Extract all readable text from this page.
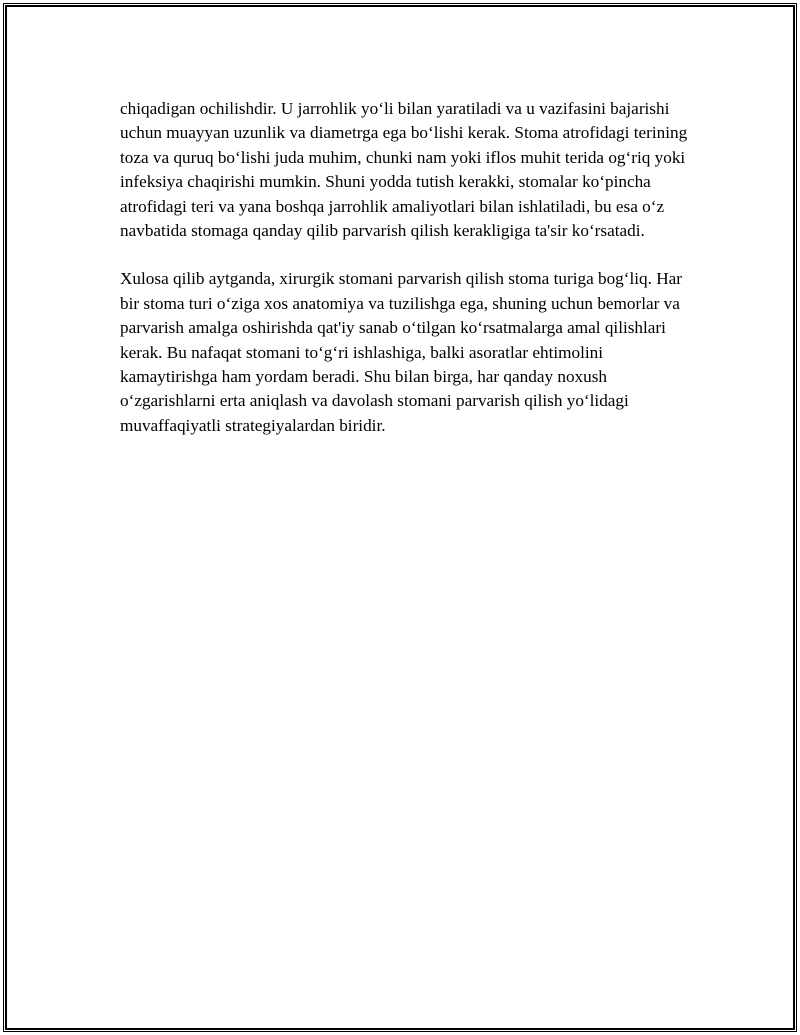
chiqadigan ochilishdir. U jarrohlik yo‘li bilan yaratiladi va u vazifasini bajarishi uchun muayyan uzunlik va diametrga ega bo‘lishi kerak. Stoma atrofidagi terining toza va quruq bo‘lishi juda muhim, chunki nam yoki iflos muhit terida og‘riq yoki infeksiya chaqirishi mumkin. Shuni yodda tutish kerakki, stomalar ko‘pincha atrofidagi teri va yana boshqa jarrohlik amaliyotlari bilan ishlatiladi, bu esa o‘z navbatida stomaga qanday qilib parvarish qilish kerakligiga ta'sir ko‘rsatadi.

Xulosa qilib aytganda, xirurgik stomani parvarish qilish stoma turiga bog‘liq. Har bir stoma turi o‘ziga xos anatomiya va tuzilishga ega, shuning uchun bemorlar va parvarish amalga oshirishda qat'iy sanab o‘tilgan ko‘rsatmalarga amal qilishlari kerak. Bu nafaqat stomani to‘g‘ri ishlashiga, balki asoratlar ehtimolini kamaytirishga ham yordam beradi. Shu bilan birga, har qanday noxush o‘zgarishlarni erta aniqlash va davolash stomani parvarish qilish yo‘lidagi muvaffaqiyatli strategiyalardan biridir.
